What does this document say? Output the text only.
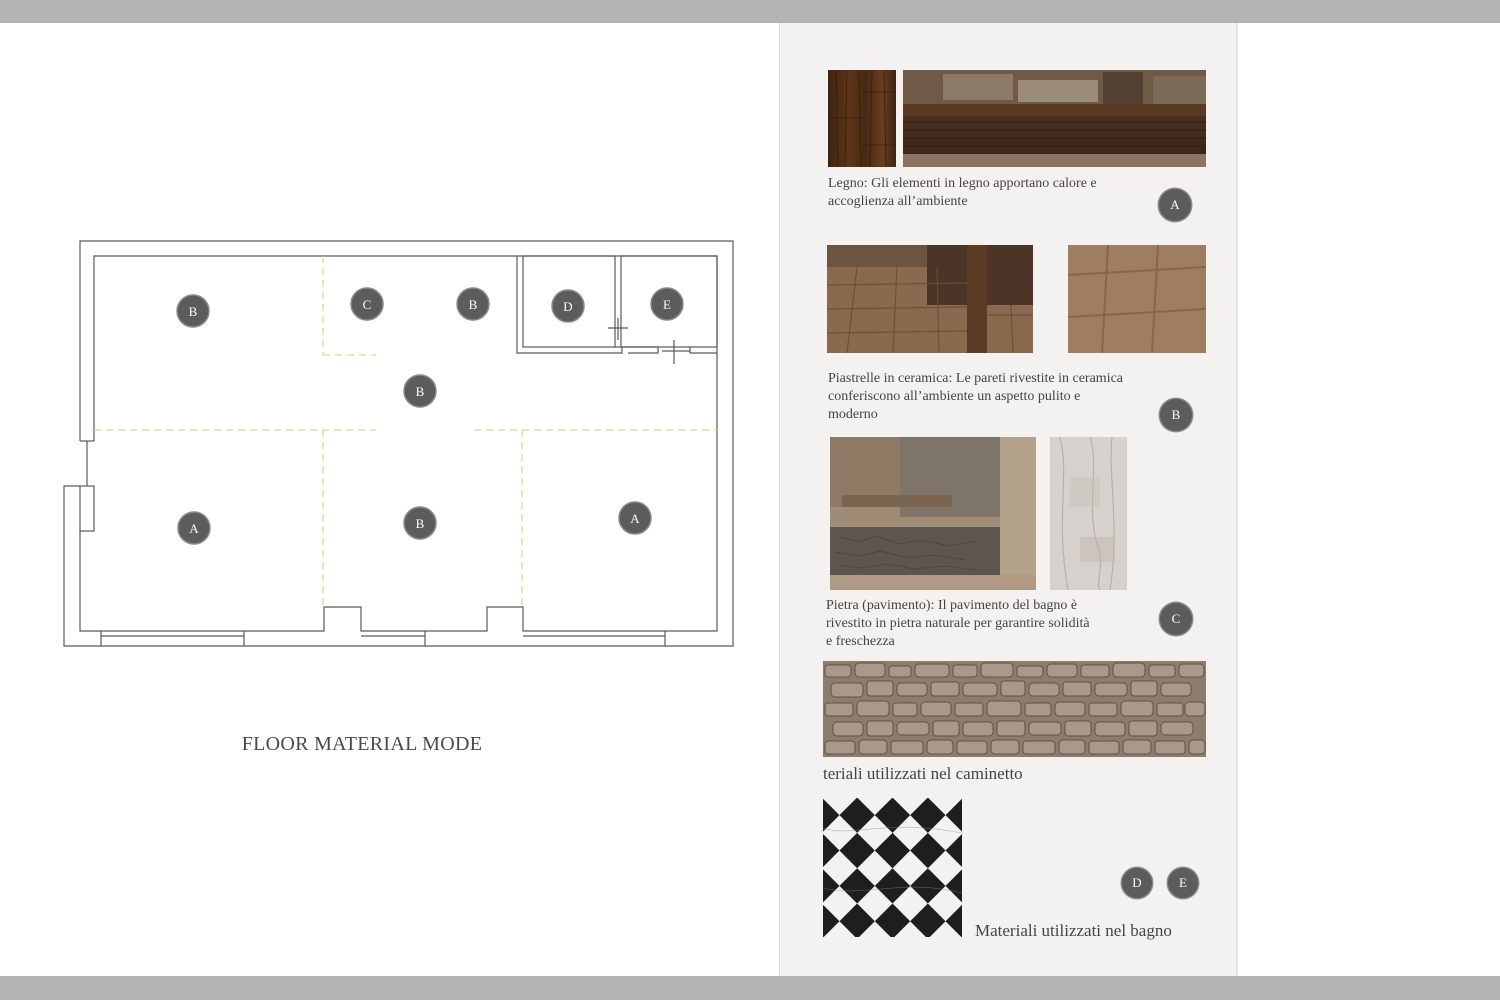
B	C	B	D	E
B
A	B	A
FLOOR MATERIAL MODE
Legno: Gli elementi in legno apportano calore e
accoglienza all’ambiente	A
Piastrelle in ceramica: Le pareti rivestite in ceramica
conferiscono all’ambiente un aspetto pulito e
moderno	B
Pietra (pavimento): Il pavimento del bagno è
rivestito in pietra naturale per garantire solidità
e freschezza
C
teriali utilizzati nel caminetto
D	E
Materiali utilizzati nel bagno
